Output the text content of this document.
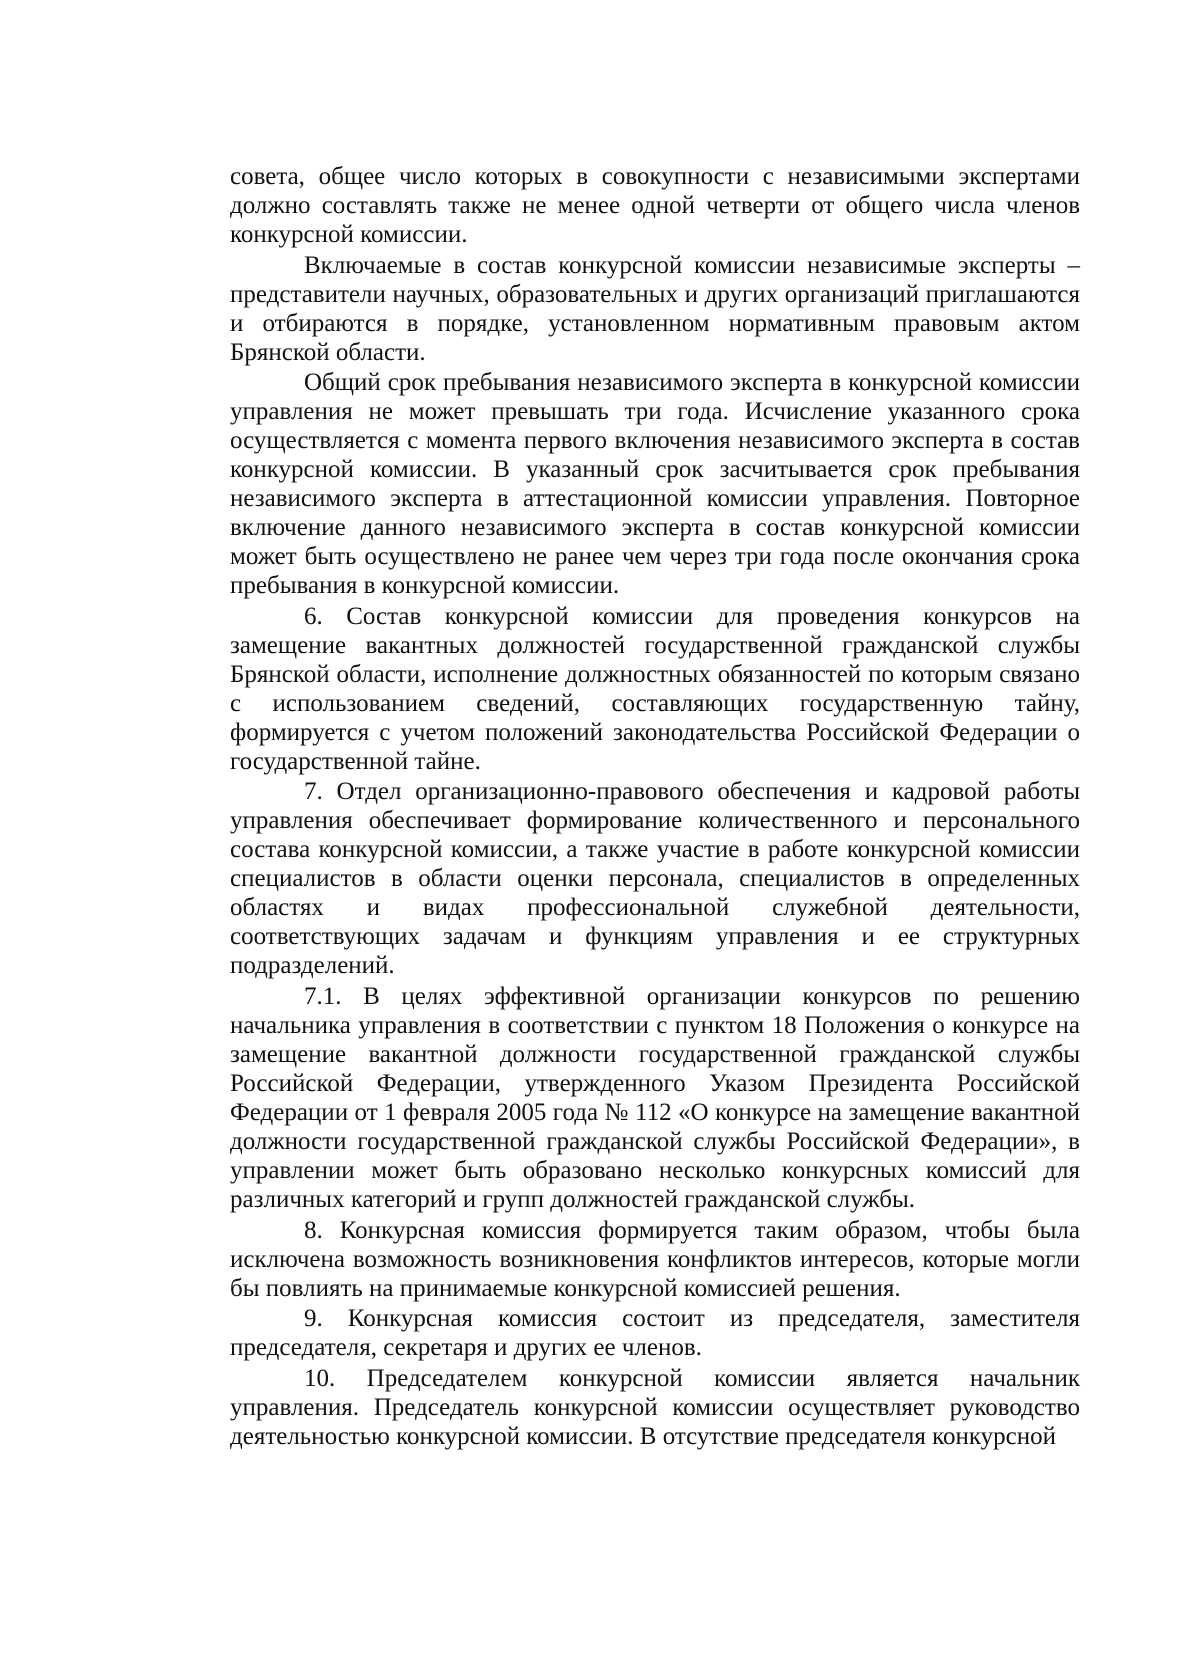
совета, общее число которых в совокупности с независимыми экспертами должно составлять также не менее одной четверти от общего числа членов конкурсной комиссии.

Включаемые в состав конкурсной комиссии независимые эксперты – представители научных, образовательных и других организаций приглашаются и отбираются в порядке, установленном нормативным правовым актом Брянской области.

Общий срок пребывания независимого эксперта в конкурсной комиссии управления не может превышать три года. Исчисление указанного срока осуществляется с момента первого включения независимого эксперта в состав конкурсной комиссии. В указанный срок засчитывается срок пребывания независимого эксперта в аттестационной комиссии управления. Повторное включение данного независимого эксперта в состав конкурсной комиссии может быть осуществлено не ранее чем через три года после окончания срока пребывания в конкурсной комиссии.

6. Состав конкурсной комиссии для проведения конкурсов на замещение вакантных должностей государственной гражданской службы Брянской области, исполнение должностных обязанностей по которым связано с использованием сведений, составляющих государственную тайну, формируется с учетом положений законодательства Российской Федерации о государственной тайне.

7. Отдел организационно-правового обеспечения и кадровой работы управления обеспечивает формирование количественного и персонального состава конкурсной комиссии, а также участие в работе конкурсной комиссии специалистов в области оценки персонала, специалистов в определенных областях и видах профессиональной служебной деятельности, соответствующих задачам и функциям управления и ее структурных подразделений.

7.1. В целях эффективной организации конкурсов по решению начальника управления в соответствии с пунктом 18 Положения о конкурсе на замещение вакантной должности государственной гражданской службы Российской Федерации, утвержденного Указом Президента Российской Федерации от 1 февраля 2005 года № 112 «О конкурсе на замещение вакантной должности государственной гражданской службы Российской Федерации», в управлении может быть образовано несколько конкурсных комиссий для различных категорий и групп должностей гражданской службы.

8. Конкурсная комиссия формируется таким образом, чтобы была исключена возможность возникновения конфликтов интересов, которые могли бы повлиять на принимаемые конкурсной комиссией решения.

9. Конкурсная комиссия состоит из председателя, заместителя председателя, секретаря и других ее членов.

10. Председателем конкурсной комиссии является начальник управления. Председатель конкурсной комиссии осуществляет руководство деятельностью конкурсной комиссии. В отсутствие председателя конкурсной
